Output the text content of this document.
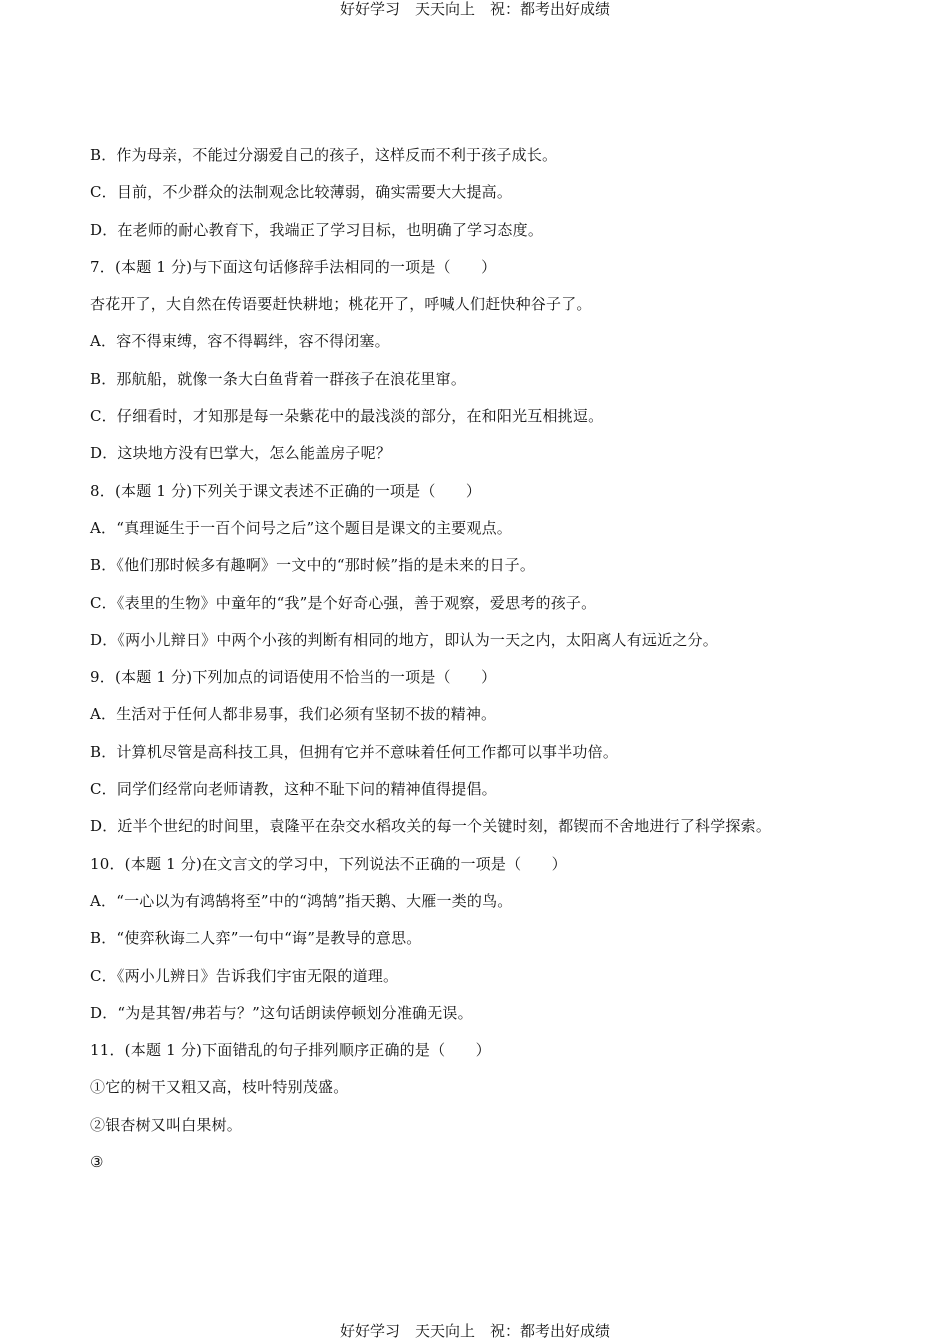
好好学习　天天向上　祝：都考出好成绩
B．作为母亲，不能过分溺爱自己的孩子，这样反而不利于孩子成长。
C．目前，不少群众的法制观念比较薄弱，确实需要大大提高。
D．在老师的耐心教育下，我端正了学习目标，也明确了学习态度。
7．(本题 1 分)与下面这句话修辞手法相同的一项是（　　）
杏花开了，大自然在传语要赶快耕地；桃花开了，呼喊人们赶快种谷子了。
A．容不得束缚，容不得羁绊，容不得闭塞。
B．那航船，就像一条大白鱼背着一群孩子在浪花里窜。
C．仔细看时，才知那是每一朵紫花中的最浅淡的部分，在和阳光互相挑逗。
D．这块地方没有巴掌大，怎么能盖房子呢？
8．(本题 1 分)下列关于课文表述不正确的一项是（　　）
A．“真理诞生于一百个问号之后”这个题目是课文的主要观点。
B．《他们那时候多有趣啊》一文中的“那时候”指的是未来的日子。
C．《表里的生物》中童年的“我”是个好奇心强，善于观察，爱思考的孩子。
D．《两小儿辩日》中两个小孩的判断有相同的地方，即认为一天之内，太阳离人有远近之分。
9．(本题 1 分)下列加点的词语使用不恰当的一项是（　　）
A．生活对于任何人都非易事，我们必须有坚韧不拔的精神。
B．计算机尽管是高科技工具，但拥有它并不意味着任何工作都可以事半功倍。
C．同学们经常向老师请教，这种不耻下问的精神值得提倡。
D．近半个世纪的时间里，袁隆平在杂交水稻攻关的每一个关键时刻，都锲而不舍地进行了科学探索。
10．(本题 1 分)在文言文的学习中，下列说法不正确的一项是（　　）
A．“一心以为有鸿鹄将至”中的“鸿鹄”指天鹅、大雁一类的鸟。
B．“使弈秋诲二人弈”一句中“诲”是教导的意思。
C．《两小儿辨日》告诉我们宇宙无限的道理。
D．“为是其智/弗若与？”这句话朗读停顿划分准确无误。
11．(本题 1 分)下面错乱的句子排列顺序正确的是（　　）
①它的树干又粗又高，枝叶特别茂盛。
②银杏树又叫白果树。
③
好好学习　天天向上　祝：都考出好成绩
